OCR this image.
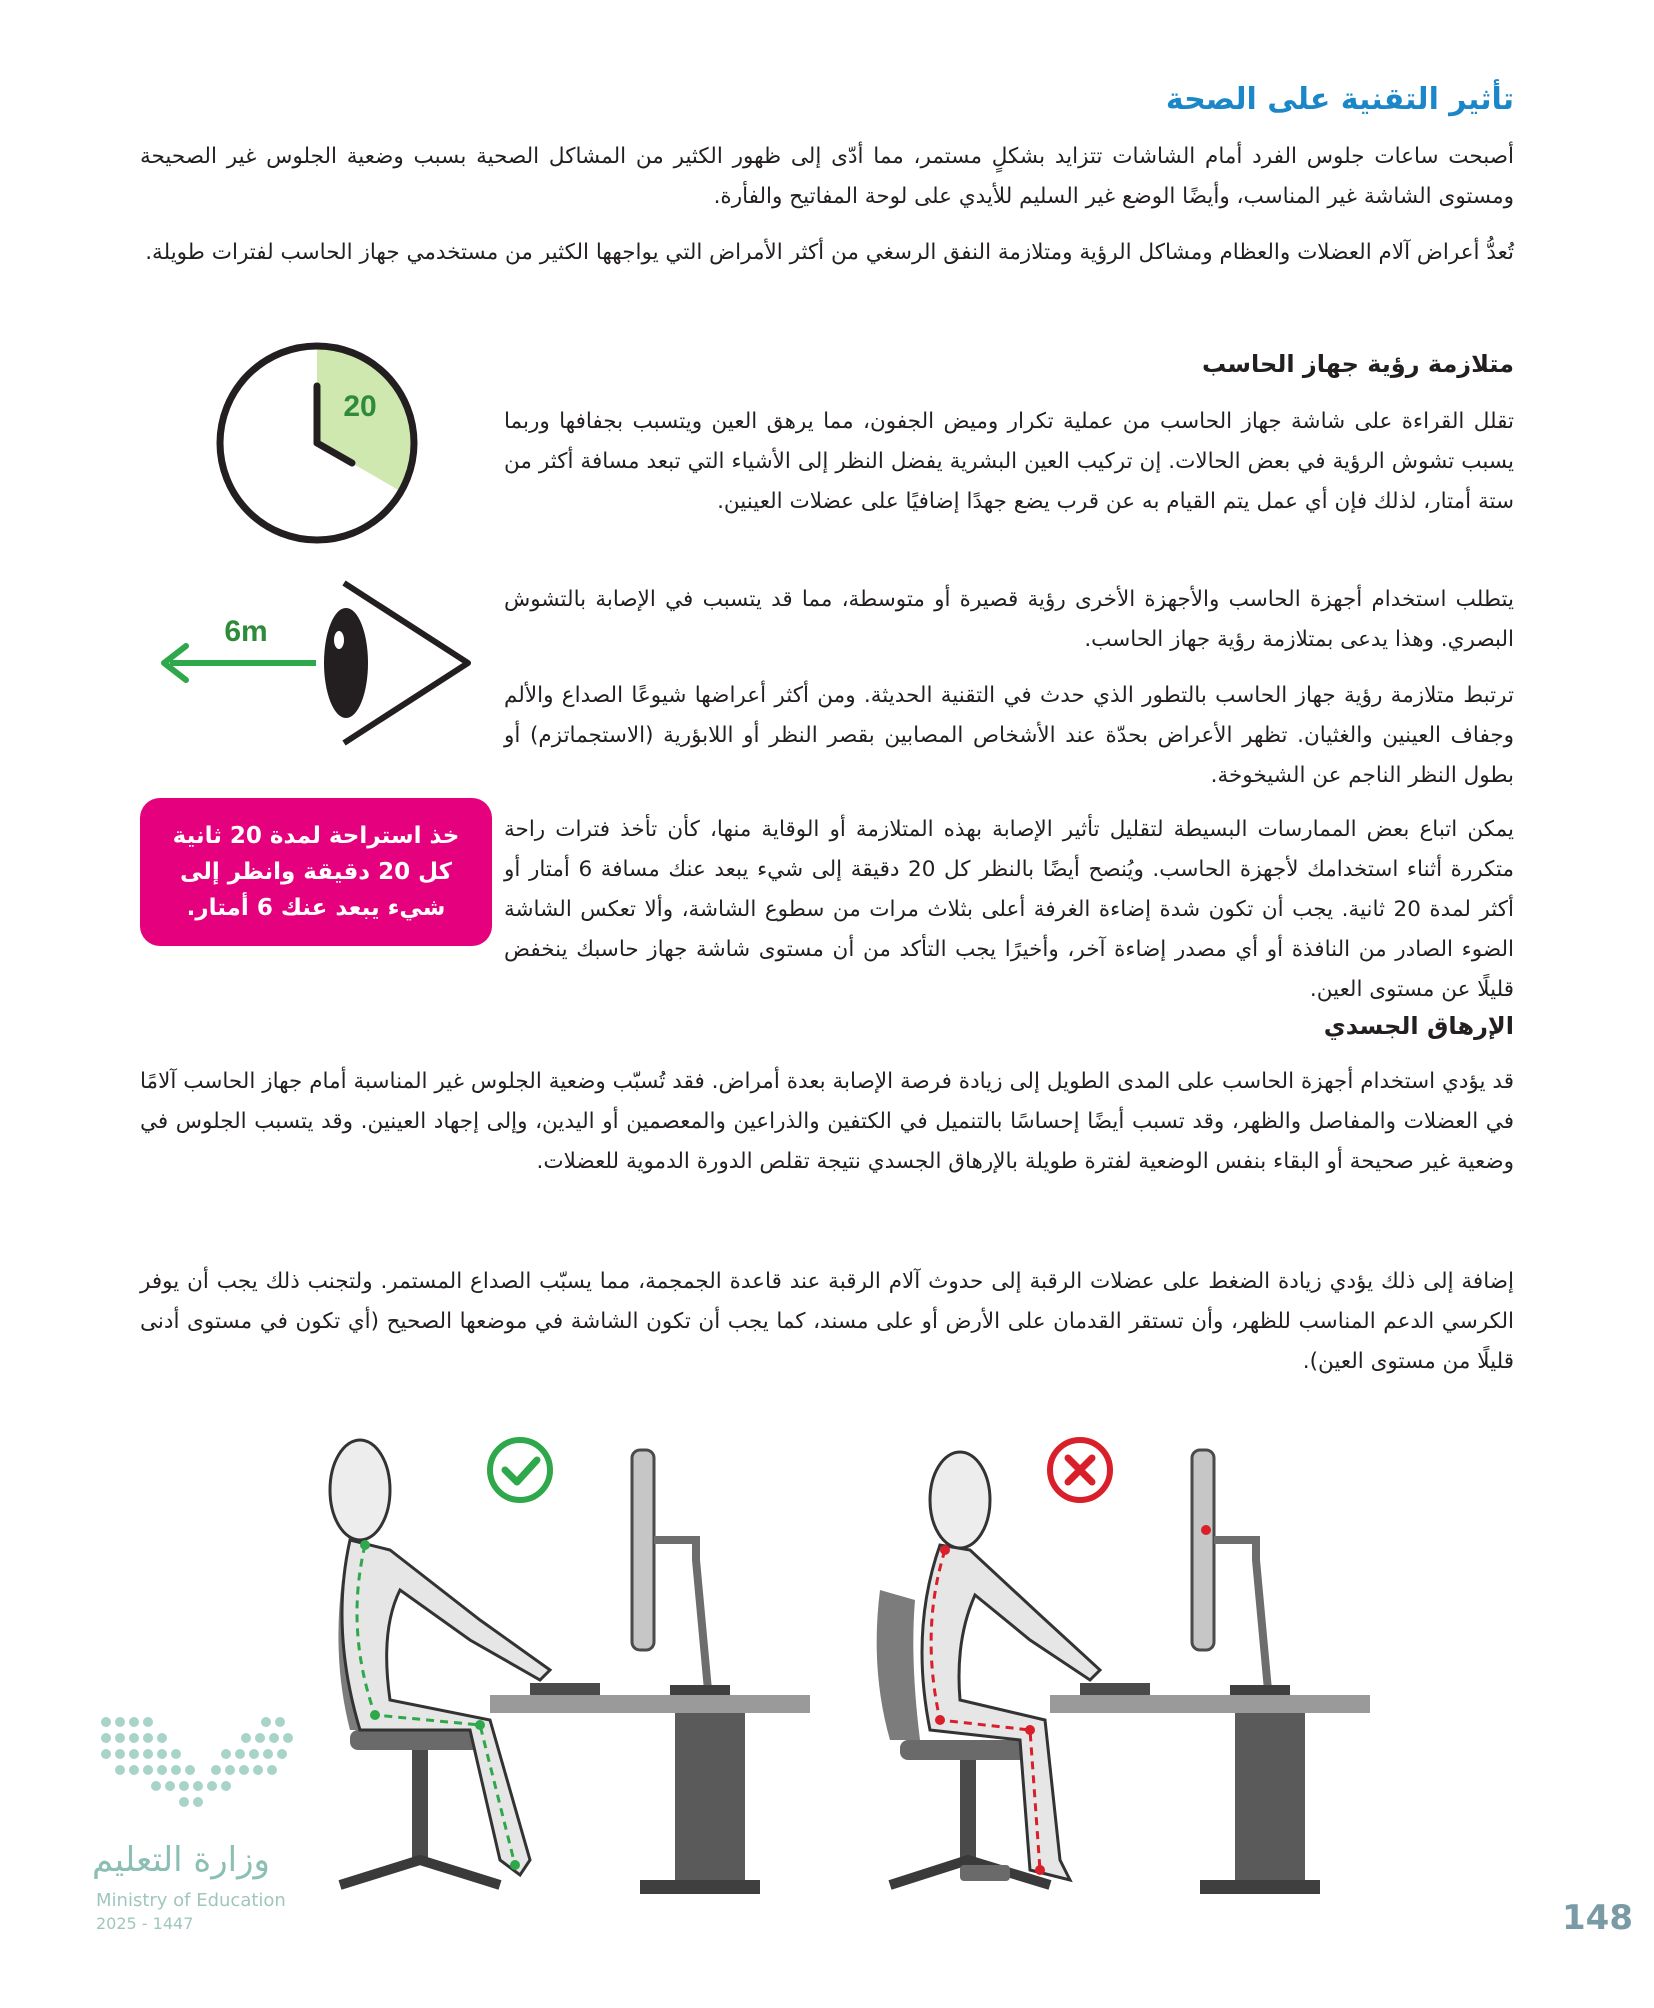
تأثير التقنية على الصحة

أصبحت ساعات جلوس الفرد أمام الشاشات تتزايد بشكلٍ مستمر، مما أدّى إلى ظهور الكثير من المشاكل الصحية بسبب وضعية الجلوس غير الصحيحة ومستوى الشاشة غير المناسب، وأيضًا الوضع غير السليم للأيدي على لوحة المفاتيح والفأرة.

تُعدُّ أعراض آلام العضلات والعظام ومشاكل الرؤية ومتلازمة النفق الرسغي من أكثر الأمراض التي يواجهها الكثير من مستخدمي جهاز الحاسب لفترات طويلة.

متلازمة رؤية جهاز الحاسب

تقلل القراءة على شاشة جهاز الحاسب من عملية تكرار وميض الجفون، مما يرهق العين ويتسبب بجفافها وربما يسبب تشوش الرؤية في بعض الحالات. إن تركيب العين البشرية يفضل النظر إلى الأشياء التي تبعد مسافة أكثر من ستة أمتار، لذلك فإن أي عمل يتم القيام به عن قرب يضع جهدًا إضافيًا على عضلات العينين.

يتطلب استخدام أجهزة الحاسب والأجهزة الأخرى رؤية قصيرة أو متوسطة، مما قد يتسبب في الإصابة بالتشوش البصري. وهذا يدعى بمتلازمة رؤية جهاز الحاسب.

ترتبط متلازمة رؤية جهاز الحاسب بالتطور الذي حدث في التقنية الحديثة. ومن أكثر أعراضها شيوعًا الصداع والألم وجفاف العينين والغثيان. تظهر الأعراض بحدّة عند الأشخاص المصابين بقصر النظر أو اللابؤرية (الاستجماتزم) أو بطول النظر الناجم عن الشيخوخة.

يمكن اتباع بعض الممارسات البسيطة لتقليل تأثير الإصابة بهذه المتلازمة أو الوقاية منها، كأن تأخذ فترات راحة متكررة أثناء استخدامك لأجهزة الحاسب. ويُنصح أيضًا بالنظر كل 20 دقيقة إلى شيء يبعد عنك مسافة 6 أمتار أو أكثر لمدة 20 ثانية. يجب أن تكون شدة إضاءة الغرفة أعلى بثلاث مرات من سطوع الشاشة، وألا تعكس الشاشة الضوء الصادر من النافذة أو أي مصدر إضاءة آخر، وأخيرًا يجب التأكد من أن مستوى شاشة جهاز حاسبك ينخفض قليلًا عن مستوى العين.

20
6m
خذ استراحة لمدة 20 ثانية كل 20 دقيقة وانظر إلى شيء يبعد عنك 6 أمتار.
الإرهاق الجسدي

قد يؤدي استخدام أجهزة الحاسب على المدى الطويل إلى زيادة فرصة الإصابة بعدة أمراض. فقد تُسبّب وضعية الجلوس غير المناسبة أمام جهاز الحاسب آلامًا في العضلات والمفاصل والظهر، وقد تسبب أيضًا إحساسًا بالتنميل في الكتفين والذراعين والمعصمين أو اليدين، وإلى إجهاد العينين. وقد يتسبب الجلوس في وضعية غير صحيحة أو البقاء بنفس الوضعية لفترة طويلة بالإرهاق الجسدي نتيجة تقلص الدورة الدموية للعضلات.

إضافة إلى ذلك يؤدي زيادة الضغط على عضلات الرقبة إلى حدوث آلام الرقبة عند قاعدة الجمجمة، مما يسبّب الصداع المستمر. ولتجنب ذلك يجب أن يوفر الكرسي الدعم المناسب للظهر، وأن تستقر القدمان على الأرض أو على مسند، كما يجب أن تكون الشاشة في موضعها الصحيح (أي تكون في مستوى أدنى قليلًا من مستوى العين).

وزارة التعليم
Ministry of Education
2025 - 1447	148
